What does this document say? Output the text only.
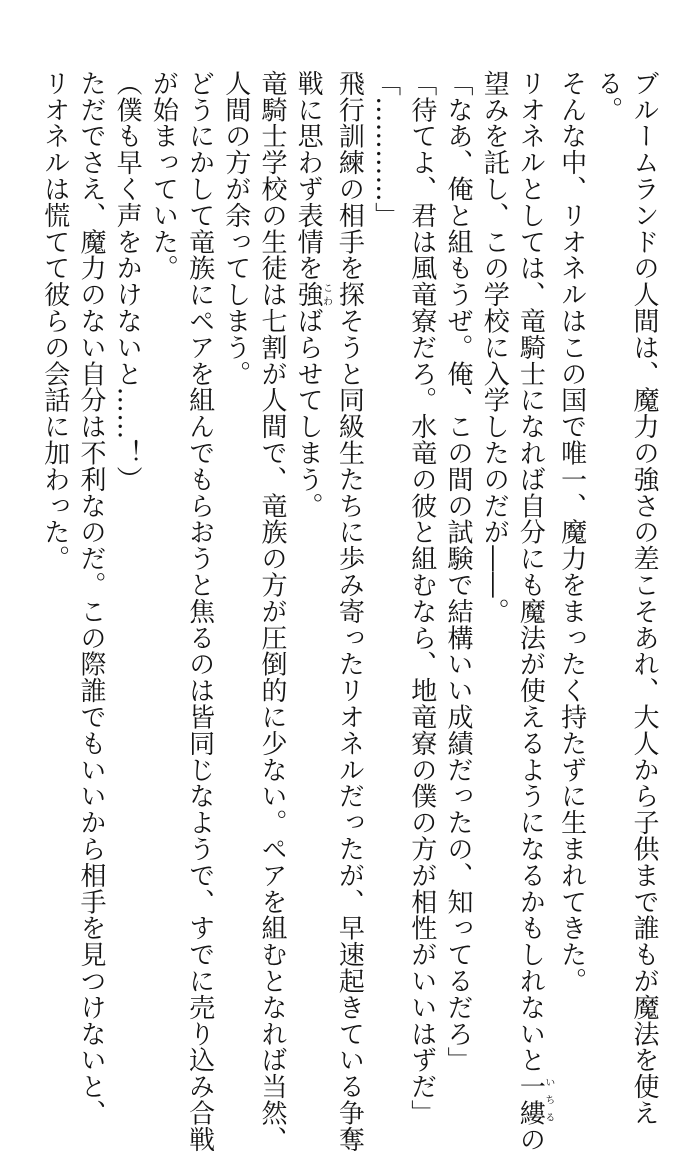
ブルームランドの人間は、魔力の強さの差こそあれ、大人から子供まで誰もが魔法を使え
る。
そんな中、リオネルはこの国で唯一、魔力をまったく持たずに生まれてきた。
リオネルとしては、竜騎士になれば自分にも魔法が使えるようになるかもしれないと一縷いちるの
望みを託し、この学校に入学したのだが――。
「なあ、俺と組もうぜ。俺、この間の試験で結構いい成績だったの、知ってるだろ」
「待てよ、君は風竜寮だろ。水竜の彼と組むなら、地竜寮の僕の方が相性がいいはずだ」
「…………」
飛行訓練の相手を探そうと同級生たちに歩み寄ったリオネルだったが、早速起きている争奪
戦に思わず表情を強こわばらせてしまう。
竜騎士学校の生徒は七割が人間で、竜族の方が圧倒的に少ない。ペアを組むとなれば当然、
人間の方が余ってしまう。
どうにかして竜族にペアを組んでもらおうと焦るのは皆同じなようで、すでに売り込み合戦
が始まっていた。
（僕も早く声をかけないと……！）
ただでさえ、魔力のない自分は不利なのだ。この際誰でもいいから相手を見つけないと、
リオネルは慌てて彼らの会話に加わった。
